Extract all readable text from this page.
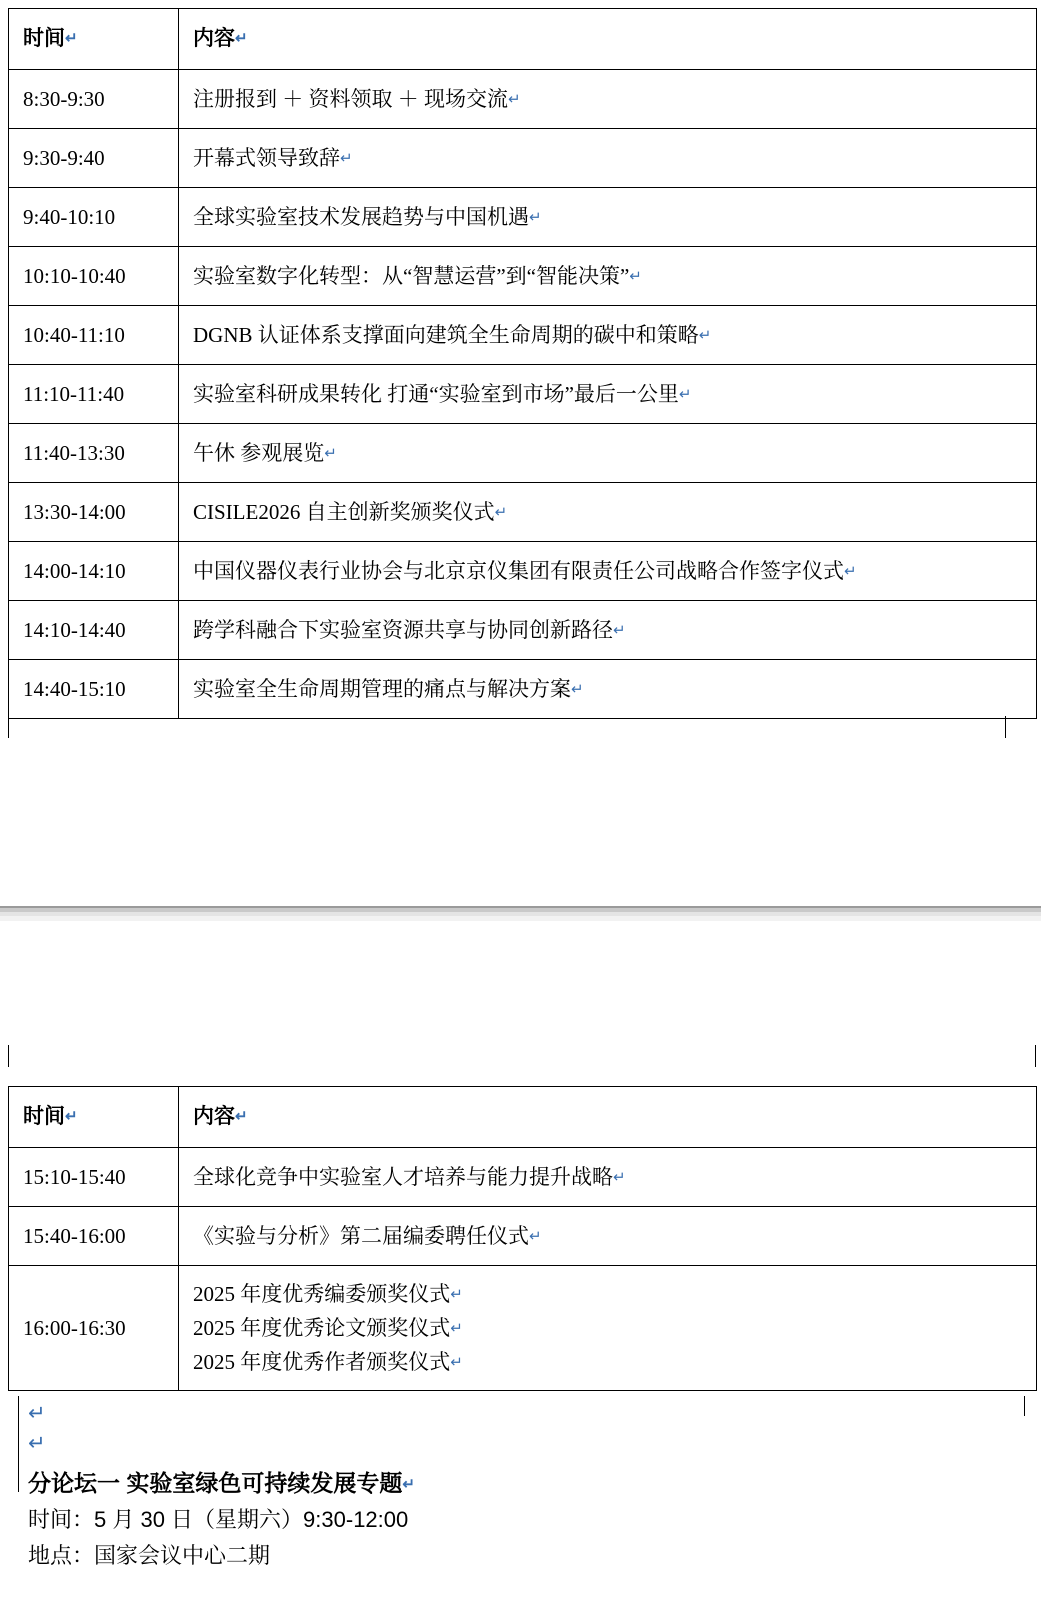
时间↵	内容↵
8:30-9:30	注册报到 ＋ 资料领取 ＋ 现场交流↵
9:30-9:40	开幕式领导致辞↵
9:40-10:10	全球实验室技术发展趋势与中国机遇↵
10:10-10:40	实验室数字化转型：从“智慧运营”到“智能决策”↵
10:40-11:10	DGNB 认证体系支撑面向建筑全生命周期的碳中和策略↵
11:10-11:40	实验室科研成果转化 打通“实验室到市场”最后一公里↵
11:40-13:30	午休 参观展览↵
13:30-14:00	CISILE2026 自主创新奖颁奖仪式↵
14:00-14:10	中国仪器仪表行业协会与北京京仪集团有限责任公司战略合作签字仪式↵
14:10-14:40	跨学科融合下实验室资源共享与协同创新路径↵
14:40-15:10	实验室全生命周期管理的痛点与解决方案↵
时间↵	内容↵
15:10-15:40	全球化竞争中实验室人才培养与能力提升战略↵
15:40-16:00	《实验与分析》第二届编委聘任仪式↵
16:00-16:30	2025 年度优秀编委颁奖仪式↵
2025 年度优秀论文颁奖仪式↵
2025 年度优秀作者颁奖仪式↵
↵
↵
分论坛一 实验室绿色可持续发展专题↵
时间：5 月 30 日（星期六）9:30-12:00
地点：国家会议中心二期
